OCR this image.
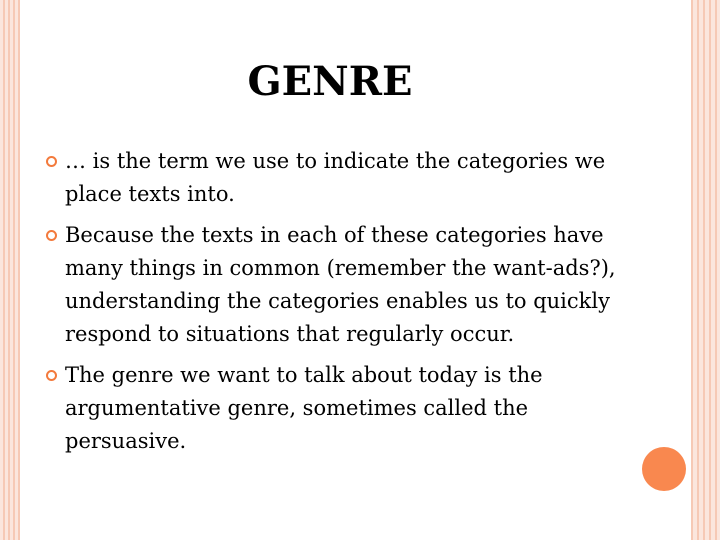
GENRE
… is the term we use to indicate the categories we place texts into.
Because the texts in each of these categories have many things in common (remember the want-ads?), understanding the categories enables us to quickly respond to situations that regularly occur.
The genre we want to talk about today is the argumentative genre, sometimes called the persuasive.
